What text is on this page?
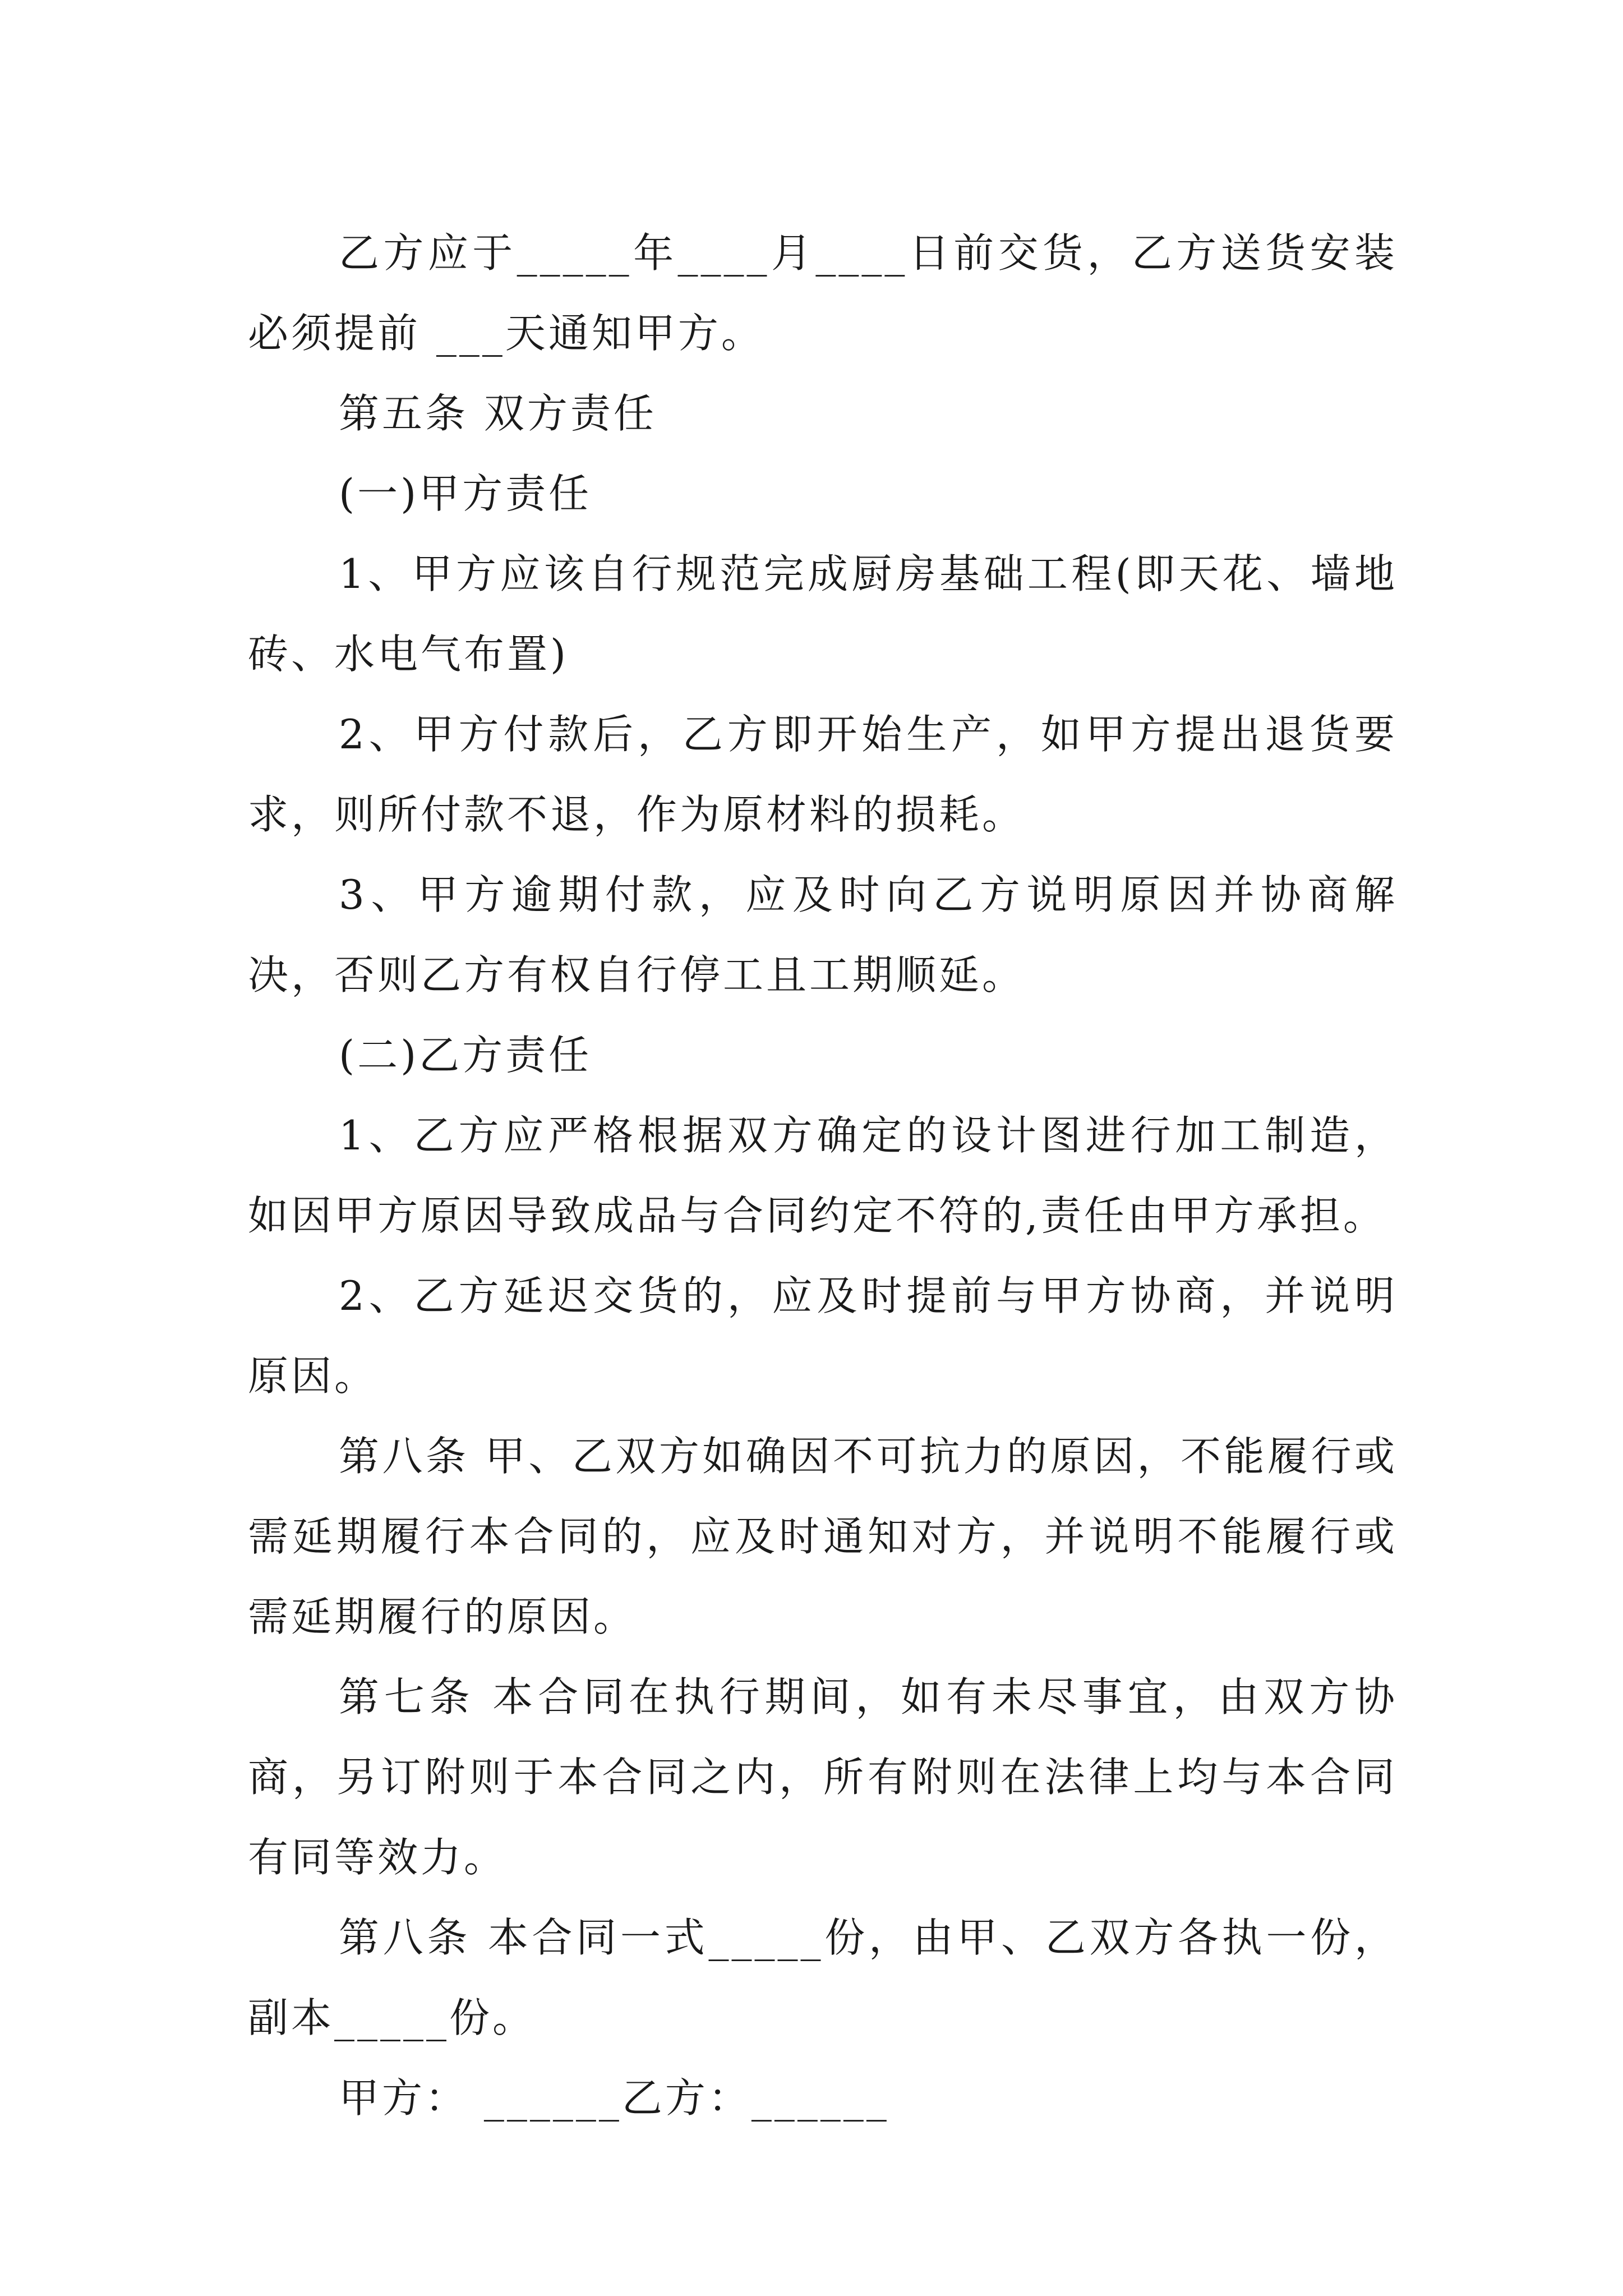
乙方应于_____年____月____日前交货，乙方送货安装必须提前 ___天通知甲方。

第五条 双方责任

(一)甲方责任

1、甲方应该自行规范完成厨房基础工程(即天花、墙地砖、水电气布置)

2、甲方付款后，乙方即开始生产，如甲方提出退货要求，则所付款不退，作为原材料的损耗。

3、甲方逾期付款，应及时向乙方说明原因并协商解决，否则乙方有权自行停工且工期顺延。

(二)乙方责任

1、乙方应严格根据双方确定的设计图进行加工制造，如因甲方原因导致成品与合同约定不符的,责任由甲方承担。

2、乙方延迟交货的，应及时提前与甲方协商，并说明原因。

第八条 甲、乙双方如确因不可抗力的原因，不能履行或需延期履行本合同的，应及时通知对方，并说明不能履行或需延期履行的原因。

第七条 本合同在执行期间，如有未尽事宜，由双方协商，另订附则于本合同之内，所有附则在法律上均与本合同有同等效力。

第八条 本合同一式_____份，由甲、乙双方各执一份，副本_____份。

甲方： ______乙方：______
